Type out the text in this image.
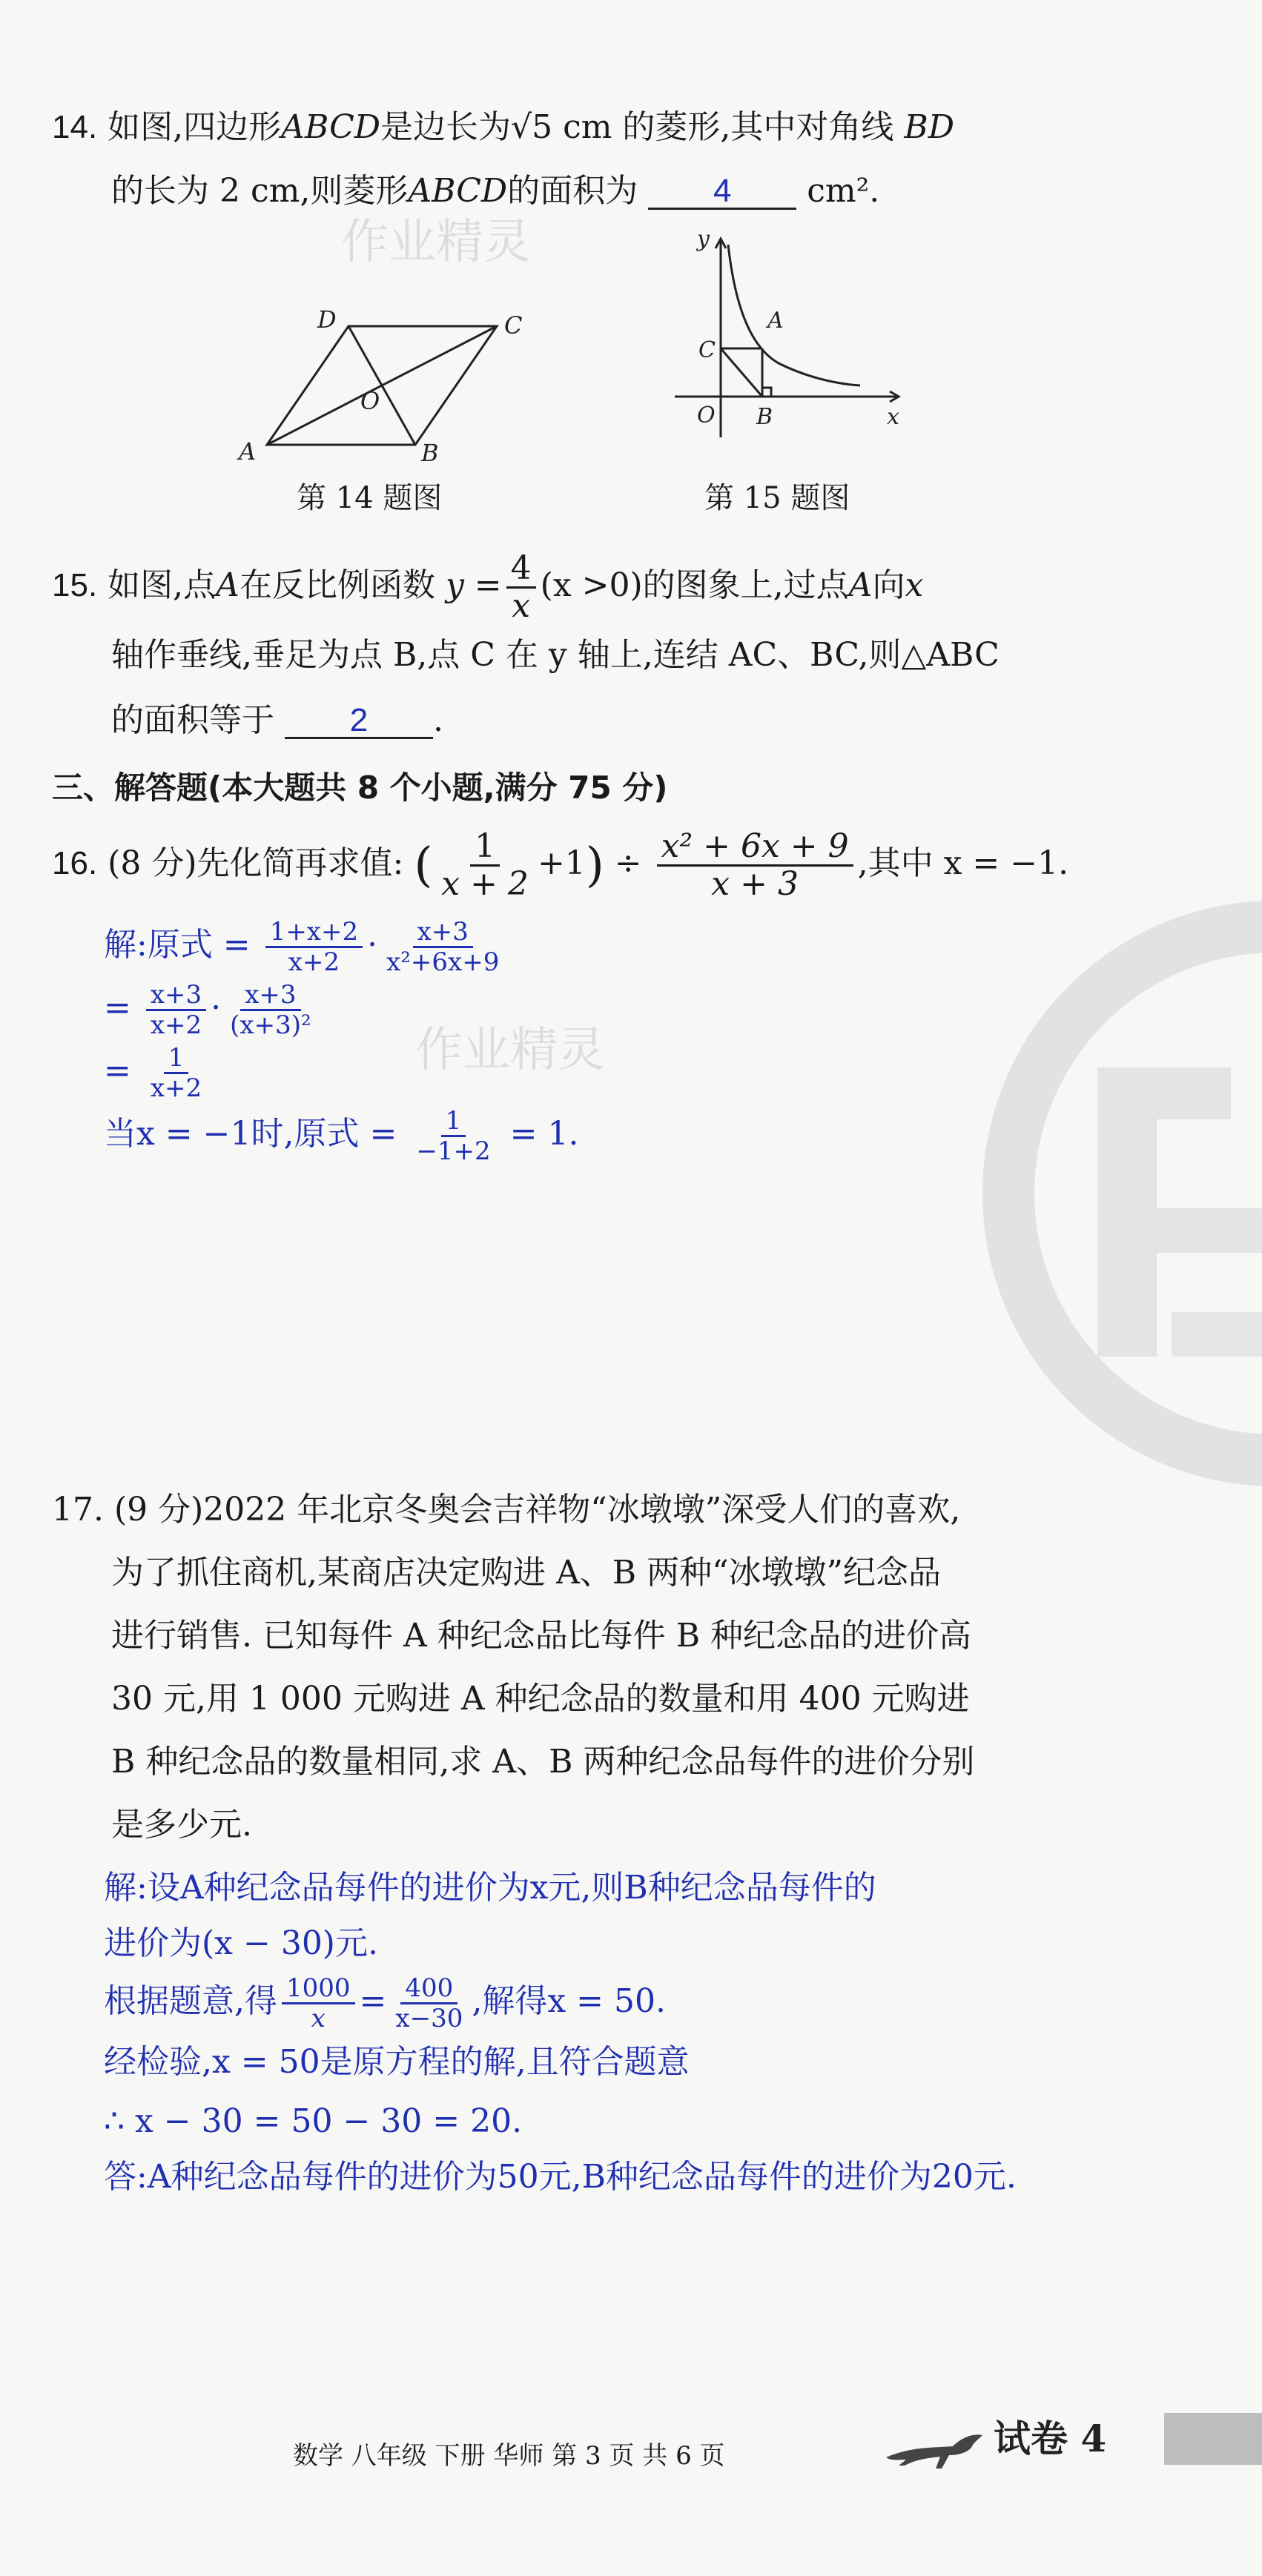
14. 如图,四边形ABCD是边长为√5 cm 的菱形,其中对角线 BD
的长为 2 cm,则菱形ABCD的面积为 4 cm².
作业精灵
A	B
C
D
O
第 14 题图
y
x
O
A
B
C
第 15 题图
15. 如图,点A在反比例函数 $y = \frac{4}{x} (x >0)$的图象上,过点A向x
轴作垂线,垂足为点 B,点 C 在 y 轴上,连结 AC、BC,则△ABC
的面积等于 2 .
三、解答题(本大题共 8 个小题,满分 75 分)
16. (8 分)先化简再求值: ( $\frac{1}{x + 2} +1) \div \frac{\text{x² + 6x + 9}}{x + 3}$ ,其中 x = −1.
解:原式 = $\frac{1+x+2}{x+2} \cdot \frac{x+3}{\text{x²+6x+9}}$
= $\frac{x+3}{x+2} \cdot \frac{x+3}{\text{(x+3)²}}$
作业精灵
= $\frac{1}{x+2}$
当x = −1时,原式 = $\frac{1}{-1+2} = 1$.
17. (9 分)2022 年北京冬奥会吉祥物“冰墩墩”深受人们的喜欢,
为了抓住商机,某商店决定购进 A、B 两种“冰墩墩”纪念品
进行销售. 已知每件 A 种纪念品比每件 B 种纪念品的进价高
30 元,用 1 000 元购进 A 种纪念品的数量和用 400 元购进
B 种纪念品的数量相同,求 A、B 两种纪念品每件的进价分别
是多少元.
解:设A种纪念品每件的进价为x元,则B种纪念品每件的
进价为(x − 30)元.
根据题意,得 $\frac{1000}{x} = \frac{400}{x-30}$ ,解得x = 50.
经检验,x = 50是原方程的解,且符合题意
∴ x − 30 = 50 − 30 = 20.
答:A种纪念品每件的进价为50元,B种纪念品每件的进价为20元.
数学 八年级 下册 华师 第 3 页 共 6 页	试卷 4
